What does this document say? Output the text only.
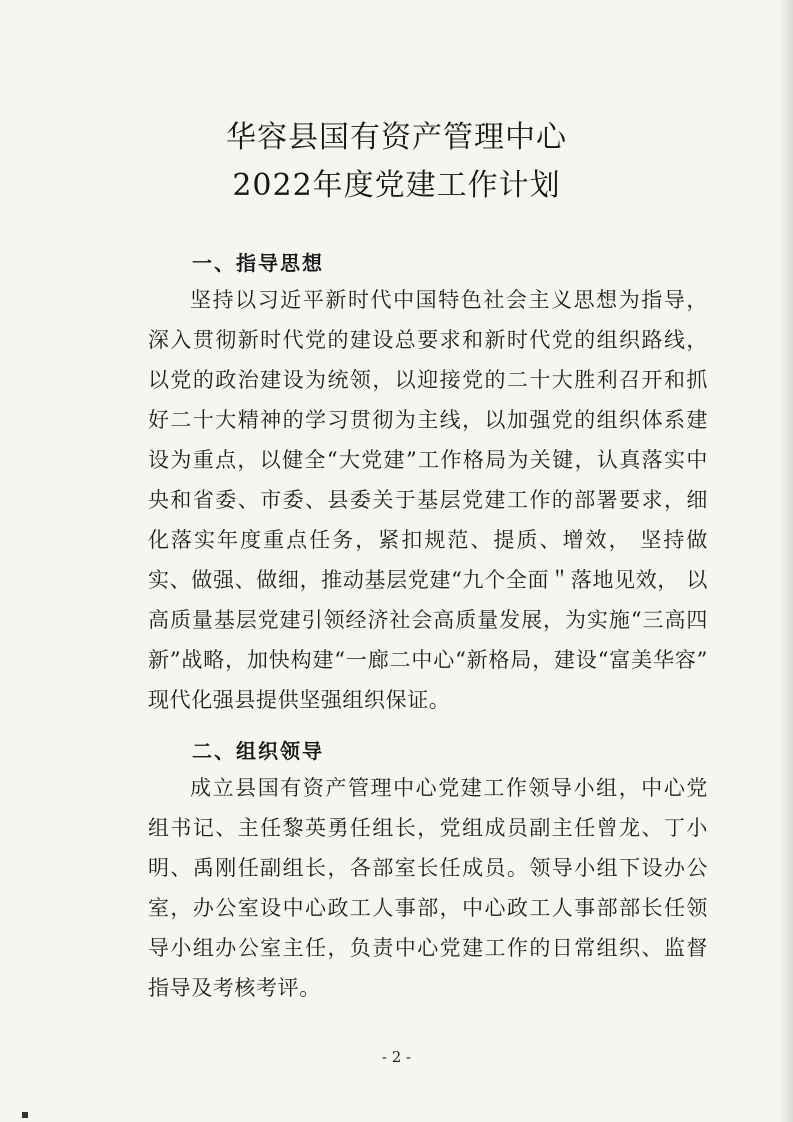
华容县国有资产管理中心
2022年度党建工作计划
一、指导思想

坚持以习近平新时代中国特色社会主义思想为指导，深入贯彻新时代党的建设总要求和新时代党的组织路线，以党的政治建设为统领，以迎接党的二十大胜利召开和抓好二十大精神的学习贯彻为主线，以加强党的组织体系建设为重点，以健全“大党建”工作格局为关键，认真落实中央和省委、市委、县委关于基层党建工作的部署要求，细化落实年度重点任务，紧扣规范、提质、增效， 坚持做实、做强、做细，推动基层党建“九个全面＂落地见效， 以高质量基层党建引领经济社会高质量发展，为实施“三高四新”战略，加快构建“一廊二中心“新格局，建设“富美华容” 现代化强县提供坚强组织保证。

二、组织领导

成立县国有资产管理中心党建工作领导小组，中心党组书记、主任黎英勇任组长，党组成员副主任曾龙、丁小明、禹刚任副组长，各部室长任成员。领导小组下设办公室，办公室设中心政工人事部，中心政工人事部部长任领导小组办公室主任，负责中心党建工作的日常组织、监督指导及考核考评。

- 2 -
